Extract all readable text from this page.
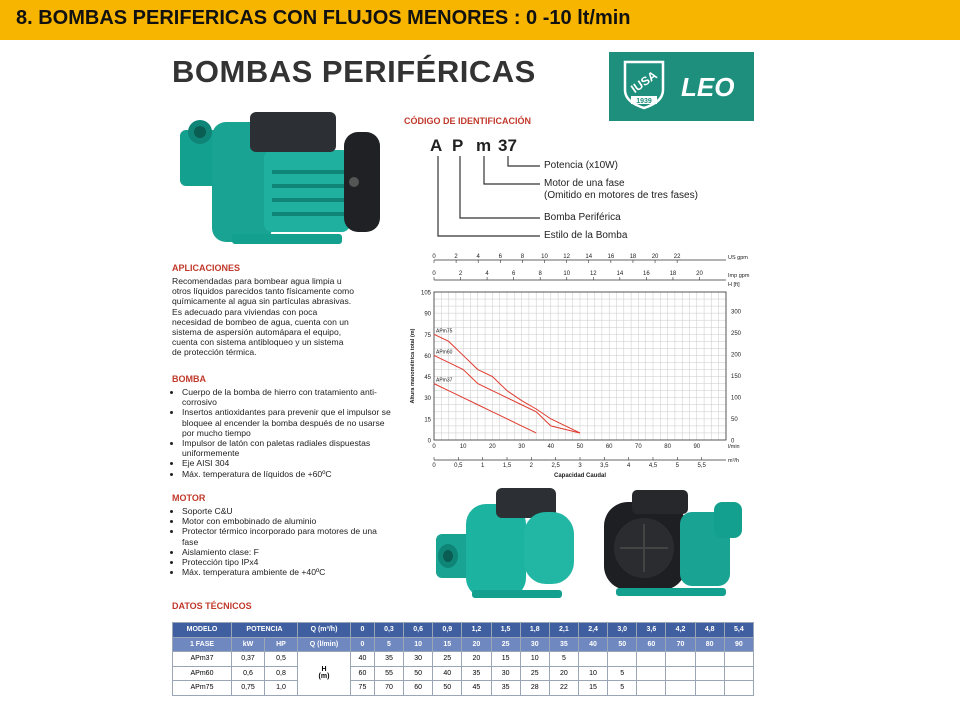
8. BOMBAS PERIFERICAS CON FLUJOS MENORES : 0 -10 lt/min
BOMBAS PERIFÉRICAS	IUSA
1939 LEO
CÓDIGO DE IDENTIFICACIÓN
A P m 37
Potencia (x10W)
Motor de una fase
(Omitido en motores de tres fases)
Bomba Periférica
Estilo de la Bomba
APLICACIONES
Recomendadas para bombear agua limpia u
otros líquidos parecidos tanto físicamente como
químicamente al agua sin partículas abrasivas.
Es adecuado para viviendas con poca
necesidad de bombeo de agua, cuenta con un
sistema de aspersión automápara el equipo,
cuenta con sistema antibloqueo y un sistema
de protección térmica.
BOMBA
• Cuerpo de la bomba de hierro con tratamiento anti-corrosivo
• Insertos antioxidantes para prevenir que el impulsor se bloquee al encender la bomba después de no usarse por mucho tiempo
• Impulsor de latón con paletas radiales dispuestas uniformemente
• Eje AISI 304
• Máx. temperatura de líquidos de +60ºC
MOTOR
• Soporte C&U
• Motor con embobinado de aluminio
• Protector térmico incorporado para motores de una fase
• Aislamiento clase: F
• Protección tipo IPx4
• Máx. temperatura ambiente de +40ºC
0
15
30
45
60
75
90
105
0
50
100
150
200
250
300
H [ft]
0	10	20	30	40	50	60	70	80	90	l/min
0	0,5	1	1,5	2	2,5	3	3,5	4	4,5	5	5,5
m³/h
Capacidad Caudal
0	2	4	6	8	10	12	14	16	18	20	22	US gpm
0	2	4	6	8	10	12	14	16	18	20	Imp gpm
Altura manométrica total (m)	APm75
APm60
APm37
DATOS TÉCNICOS
MODELO	POTENCIA		Q (m³/h)	0	0,3	0,6	0,9	1,2	1,5	1,8	2,1	2,4	3,0	3,6	4,2	4,8	5,4
1 FASE	kW	HP	Q (l/min)	0	5	10	15	20	25	30	35	40	50	60	70	80	90
APm37	0,37	0,5	H
(m)	40	35	30	25	20	15	10	5						
APm60	0,6	0,8		60	55	50	40	35	30	25	20	10	5				
APm75	0,75	1,0		75	70	60	50	45	35	28	22	15	5				
